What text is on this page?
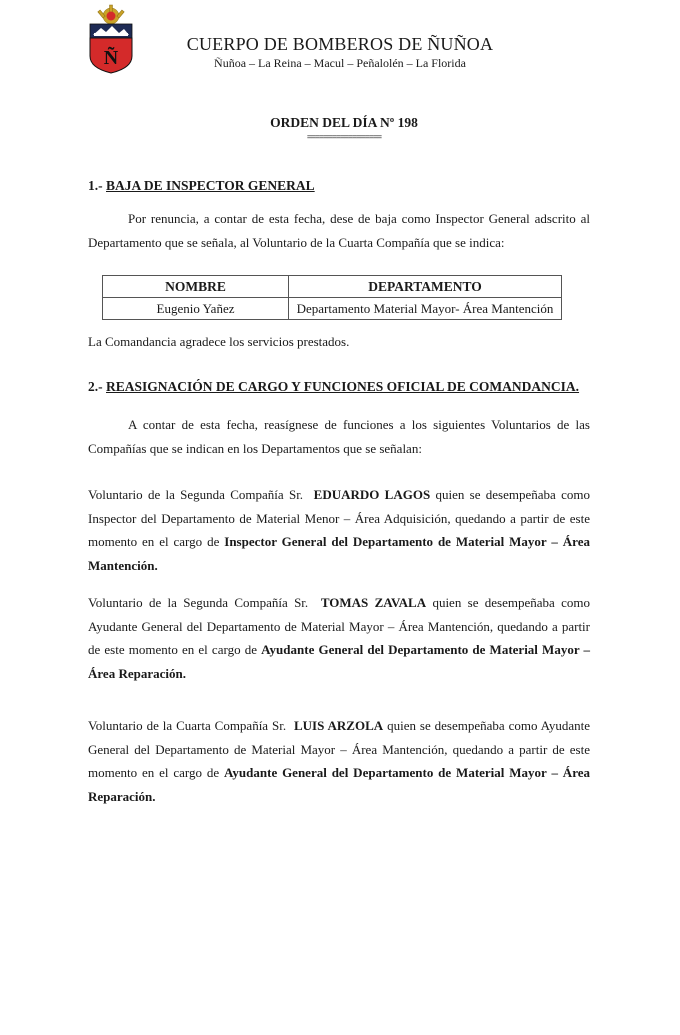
Ñ
CUERPO DE BOMBEROS DE ÑUÑOA
Ñuñoa – La Reina – Macul – Peñalolén – La Florida
ORDEN DEL DÍA Nº 198
==================
1.- BAJA DE INSPECTOR GENERAL

Por renuncia, a contar de esta fecha, dese de baja como Inspector General adscrito al Departamento que se señala, al Voluntario de la Cuarta Compañía que se indica:

NOMBRE	DEPARTAMENTO
Eugenio Yañez	Departamento Material Mayor- Área Mantención

La Comandancia agradece los servicios prestados.

2.- REASIGNACIÓN DE CARGO Y FUNCIONES OFICIAL DE COMANDANCIA.

A contar de esta fecha, reasígnese de funciones a los siguientes Voluntarios de las Compañías que se indican en los Departamentos que se señalan:

Voluntario de la Segunda Compañía Sr. EDUARDO LAGOS quien se desempeñaba como Inspector del Departamento de Material Menor – Área Adquisición, quedando a partir de este momento en el cargo de Inspector General del Departamento de Material Mayor – Área Mantención.

Voluntario de la Segunda Compañía Sr. TOMAS ZAVALA quien se desempeñaba como Ayudante General del Departamento de Material Mayor – Área Mantención, quedando a partir de este momento en el cargo de Ayudante General del Departamento de Material Mayor – Área Reparación.

Voluntario de la Cuarta Compañía Sr. LUIS ARZOLA quien se desempeñaba como Ayudante General del Departamento de Material Mayor – Área Mantención, quedando a partir de este momento en el cargo de Ayudante General del Departamento de Material Mayor – Área Reparación.
